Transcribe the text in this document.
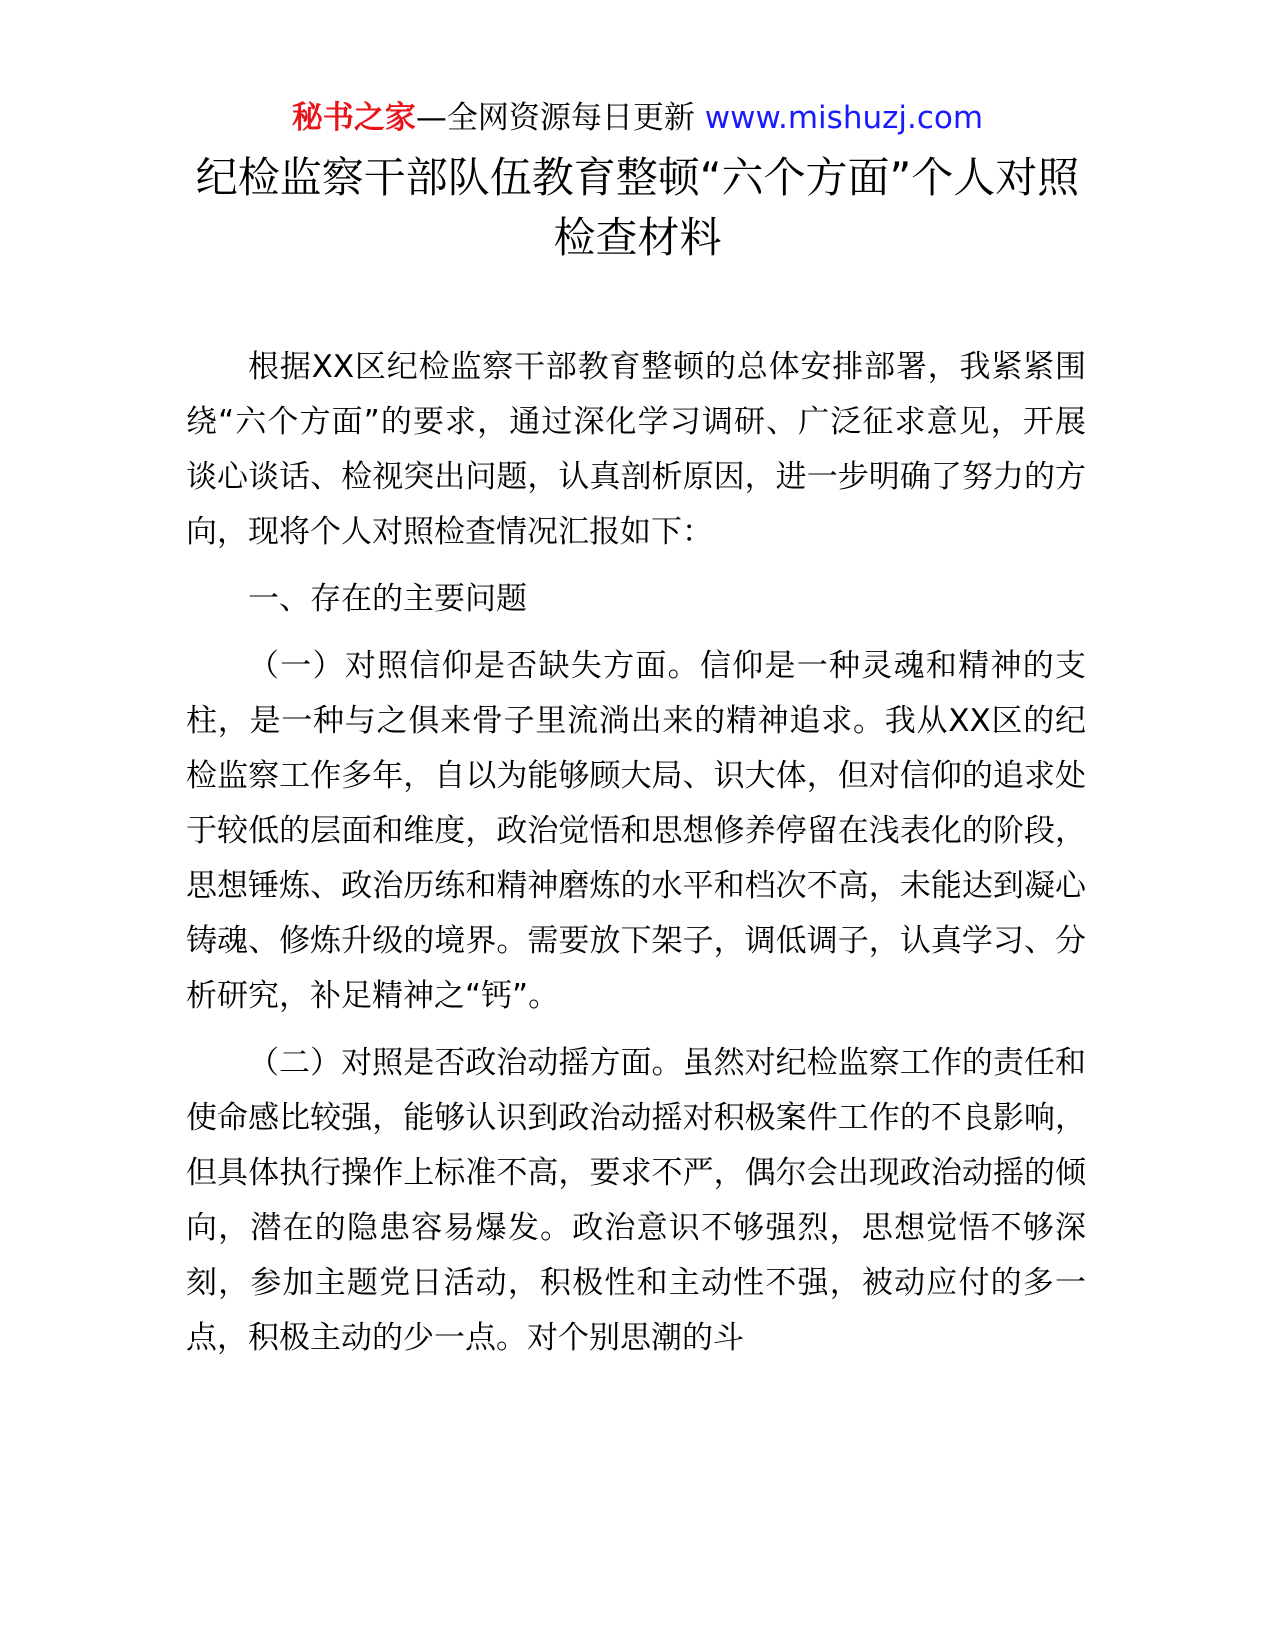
秘书之家—全网资源每日更新 www.mishuzj.com
纪检监察干部队伍教育整顿“六个方面”个人对照检查材料

根据XX区纪检监察干部教育整顿的总体安排部署，我紧紧围绕“六个方面”的要求，通过深化学习调研、广泛征求意见，开展谈心谈话、检视突出问题，认真剖析原因，进一步明确了努力的方向，现将个人对照检查情况汇报如下：

一、存在的主要问题

（一）对照信仰是否缺失方面。信仰是一种灵魂和精神的支柱，是一种与之俱来骨子里流淌出来的精神追求。我从XX区的纪检监察工作多年，自以为能够顾大局、识大体，但对信仰的追求处于较低的层面和维度，政治觉悟和思想修养停留在浅表化的阶段，思想锤炼、政治历练和精神磨炼的水平和档次不高，未能达到凝心铸魂、修炼升级的境界。需要放下架子，调低调子，认真学习、分析研究，补足精神之“钙”。

（二）对照是否政治动摇方面。虽然对纪检监察工作的责任和使命感比较强，能够认识到政治动摇对积极案件工作的不良影响，但具体执行操作上标准不高，要求不严，偶尔会出现政治动摇的倾向，潜在的隐患容易爆发。政治意识不够强烈，思想觉悟不够深刻，参加主题党日活动，积极性和主动性不强，被动应付的多一点，积极主动的少一点。对个别思潮的斗
